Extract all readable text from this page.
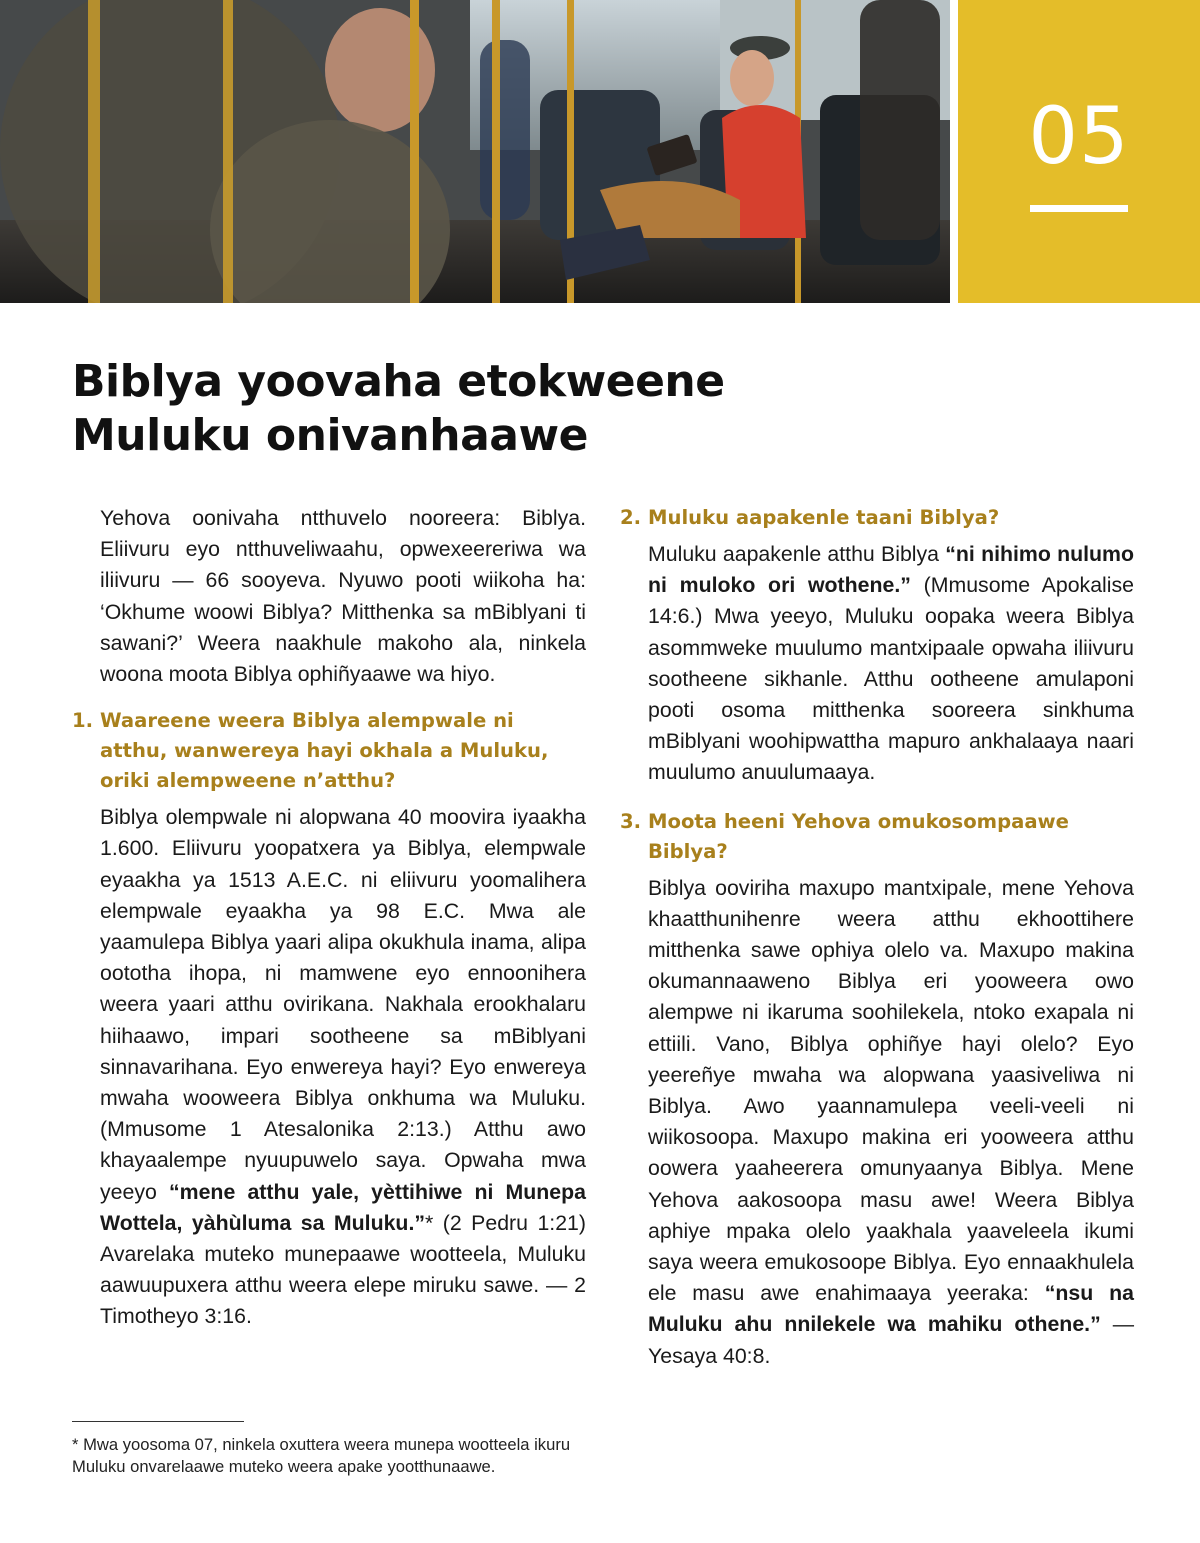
05
Biblya yoovaha etokweene
Muluku onivanhaawe

Yehova oonivaha ntthuvelo nooreera: Biblya. Eliivuru eyo ntthuveliwaahu, opwexeereriwa wa iliivuru — 66 sooyeva. Nyuwo pooti wiikoha ha: ‘Okhume woowi Biblya? Mitthenka sa mBiblyani ti sawani?’ Weera naakhule makoho ala, ninkela woona moota Biblya ophiñyaawe wa hiyo.

1. Waareene weera Biblya alempwale ni atthu, wanwereya hayi okhala a Muluku, oriki alempweene n’atthu?

Biblya olempwale ni alopwana 40 moovira iyaakha 1.600. Eliivuru yoopatxera ya Biblya, elempwale eyaakha ya 1513 A.E.C. ni eliivuru yoomalihera elempwale eyaakha ya 98 E.C. Mwa ale yaamulepa Biblya yaari alipa okukhula inama, alipa oototha ihopa, ni mamwene eyo ennoonihera weera yaari atthu ovirikana. Nakhala erookhalaru hiihaawo, impari sootheene sa mBiblyani sinnavarihana. Eyo enwereya hayi? Eyo enwereya mwaha wooweera Biblya onkhuma wa Muluku. (Mmusome 1 Atesalonika 2:13.) Atthu awo khayaalempe nyuupuwelo saya. Opwaha mwa yeeyo “mene atthu yale, yèttihiwe ni Munepa Wottela, yàhùluma sa Muluku.”* (2 Pedru 1:21) Avarelaka muteko munepaawe wootteela, Muluku aawuupuxera atthu weera elepe miruku sawe. — 2 Timotheyo 3:16.

* Mwa yoosoma 07, ninkela oxuttera weera munepa wootteela ikuru Muluku onvarelaawe muteko weera apake yootthunaawe.

2. Muluku aapakenle taani Biblya?

Muluku aapakenle atthu Biblya “ni nihimo nulumo ni muloko ori wothene.” (Mmusome Apokalise 14:6.) Mwa yeeyo, Muluku oopaka weera Biblya asommweke muulumo mantxipaale opwaha iliivuru sootheene sikhanle. Atthu ootheene amulaponi pooti osoma mitthenka sooreera sinkhuma mBiblyani woohipwattha mapuro ankhalaaya naari muulumo anuulumaaya.

3. Moota heeni Yehova omukosompaawe Biblya?

Biblya ooviriha maxupo mantxipale, mene Yehova khaatthunihenre weera atthu ekhoottihere mitthenka sawe ophiya olelo va. Maxupo makina okumannaaweno Biblya eri yooweera owo alempwe ni ikaruma soohilekela, ntoko exapala ni ettiili. Vano, Biblya ophiñye hayi olelo? Eyo yeereñye mwaha wa alopwana yaasiveliwa ni Biblya. Awo yaannamulepa veeli-veeli ni wiikosoopa. Maxupo makina eri yooweera atthu oowera yaaheerera omunyaanya Biblya. Mene Yehova aakosoopa masu awe! Weera Biblya aphiye mpaka olelo yaakhala yaaveleela ikumi saya weera emukosoope Biblya. Eyo ennaakhulela ele masu awe enahimaaya yeeraka: “nsu na Muluku ahu nnilekele wa mahiku othene.” — Yesaya 40:8.
